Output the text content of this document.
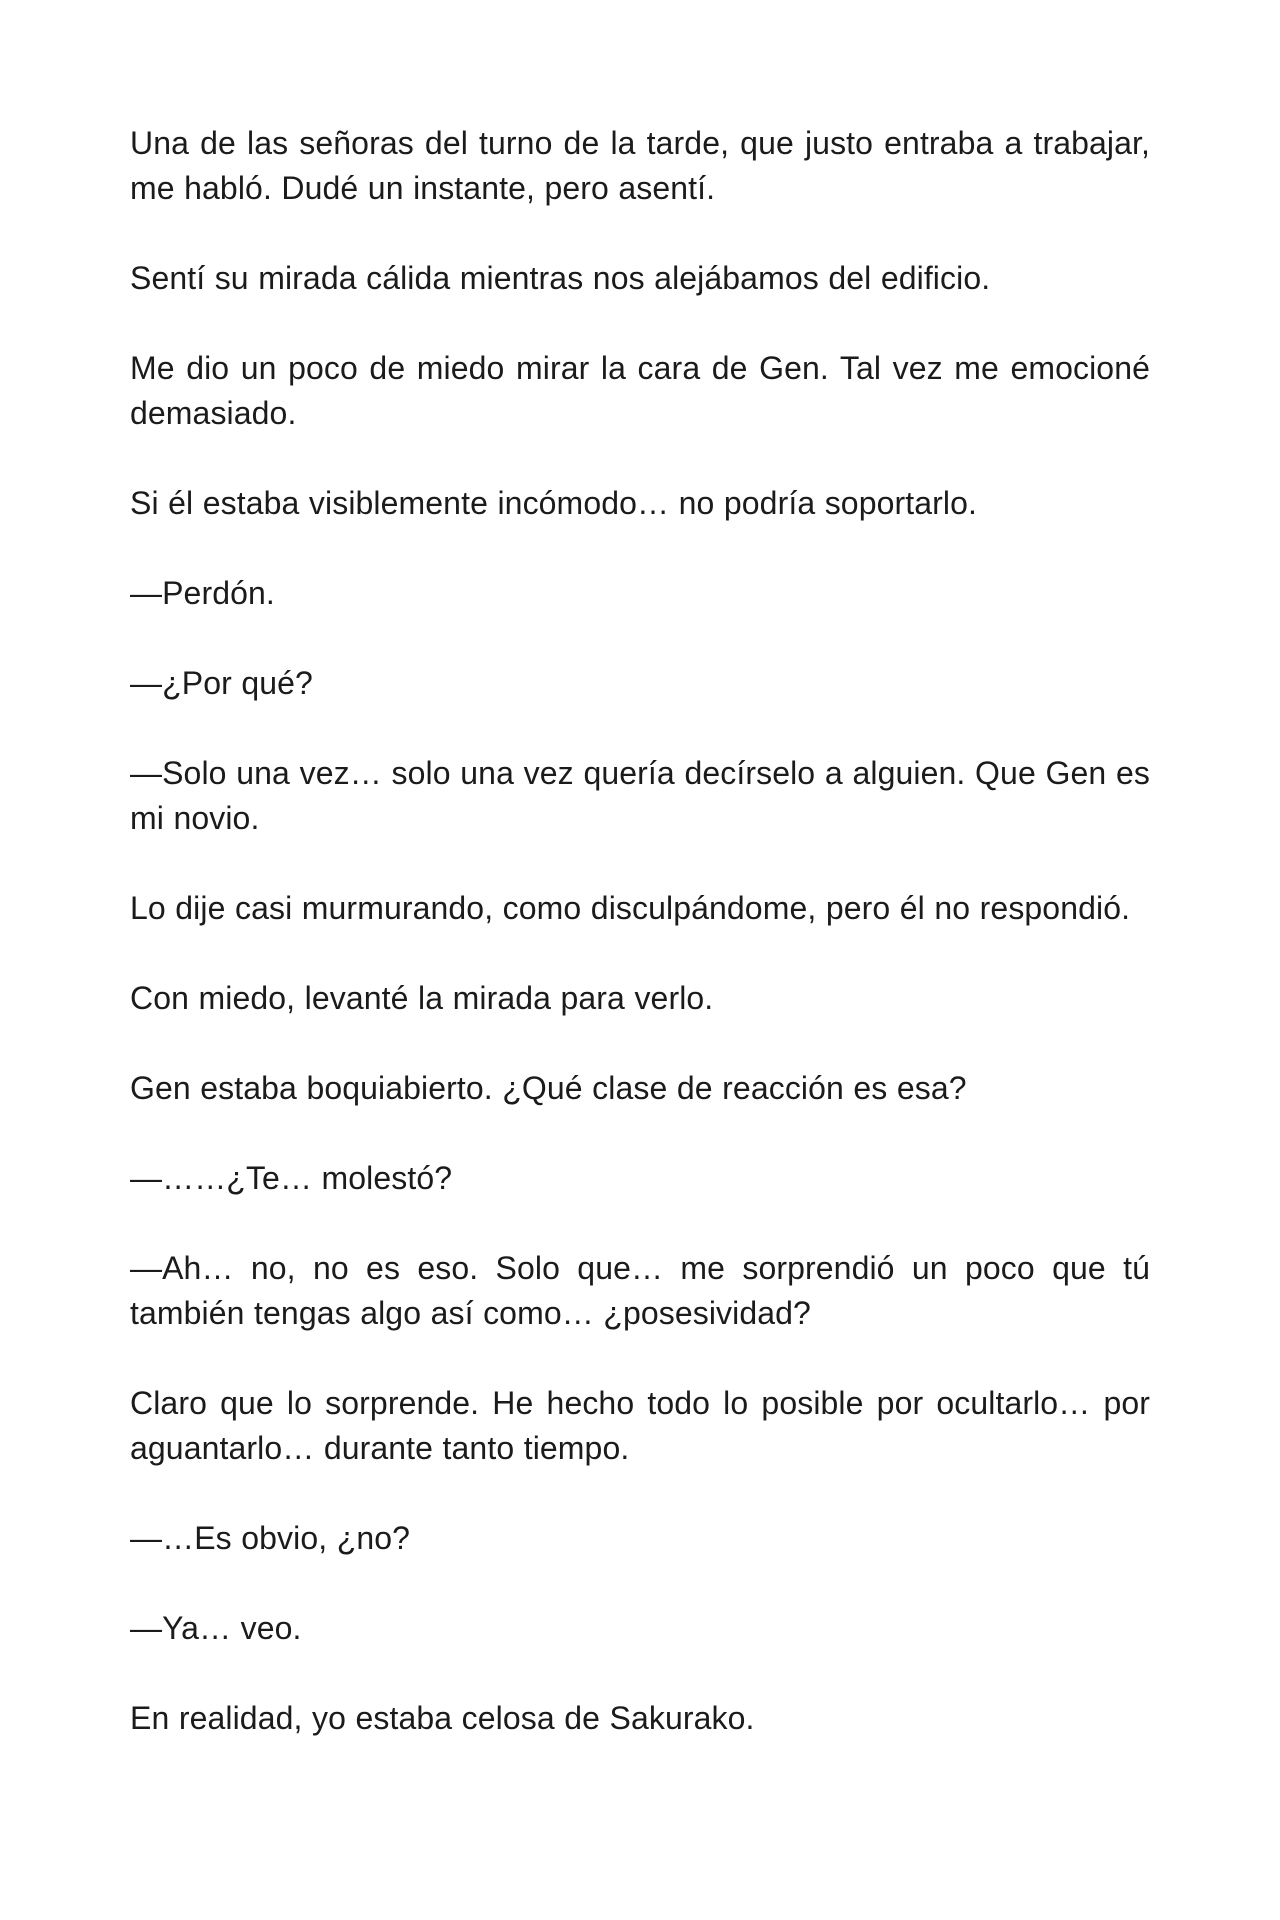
Una de las señoras del turno de la tarde, que justo entraba a trabajar, me habló. Dudé un instante, pero asentí.

Sentí su mirada cálida mientras nos alejábamos del edificio.

Me dio un poco de miedo mirar la cara de Gen. Tal vez me emocioné demasiado.

Si él estaba visiblemente incómodo… no podría soportarlo.

—Perdón.

—¿Por qué?

—Solo una vez… solo una vez quería decírselo a alguien. Que Gen es mi novio.

Lo dije casi murmurando, como disculpándome, pero él no respondió.

Con miedo, levanté la mirada para verlo.

Gen estaba boquiabierto. ¿Qué clase de reacción es esa?

—……¿Te… molestó?

—Ah… no, no es eso. Solo que… me sorprendió un poco que tú también tengas algo así como… ¿posesividad?

Claro que lo sorprende. He hecho todo lo posible por ocultarlo… por aguantarlo… durante tanto tiempo.

—…Es obvio, ¿no?

—Ya… veo.

En realidad, yo estaba celosa de Sakurako.
